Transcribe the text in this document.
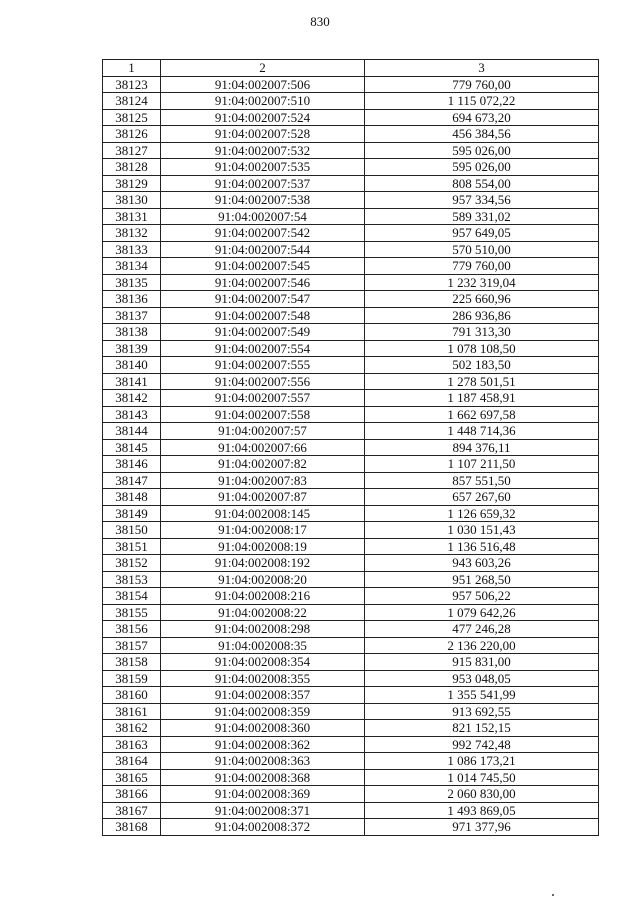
830
1	2	3
38123	91:04:002007:506	779 760,00
38124	91:04:002007:510	1 115 072,22
38125	91:04:002007:524	694 673,20
38126	91:04:002007:528	456 384,56
38127	91:04:002007:532	595 026,00
38128	91:04:002007:535	595 026,00
38129	91:04:002007:537	808 554,00
38130	91:04:002007:538	957 334,56
38131	91:04:002007:54	589 331,02
38132	91:04:002007:542	957 649,05
38133	91:04:002007:544	570 510,00
38134	91:04:002007:545	779 760,00
38135	91:04:002007:546	1 232 319,04
38136	91:04:002007:547	225 660,96
38137	91:04:002007:548	286 936,86
38138	91:04:002007:549	791 313,30
38139	91:04:002007:554	1 078 108,50
38140	91:04:002007:555	502 183,50
38141	91:04:002007:556	1 278 501,51
38142	91:04:002007:557	1 187 458,91
38143	91:04:002007:558	1 662 697,58
38144	91:04:002007:57	1 448 714,36
38145	91:04:002007:66	894 376,11
38146	91:04:002007:82	1 107 211,50
38147	91:04:002007:83	857 551,50
38148	91:04:002007:87	657 267,60
38149	91:04:002008:145	1 126 659,32
38150	91:04:002008:17	1 030 151,43
38151	91:04:002008:19	1 136 516,48
38152	91:04:002008:192	943 603,26
38153	91:04:002008:20	951 268,50
38154	91:04:002008:216	957 506,22
38155	91:04:002008:22	1 079 642,26
38156	91:04:002008:298	477 246,28
38157	91:04:002008:35	2 136 220,00
38158	91:04:002008:354	915 831,00
38159	91:04:002008:355	953 048,05
38160	91:04:002008:357	1 355 541,99
38161	91:04:002008:359	913 692,55
38162	91:04:002008:360	821 152,15
38163	91:04:002008:362	992 742,48
38164	91:04:002008:363	1 086 173,21
38165	91:04:002008:368	1 014 745,50
38166	91:04:002008:369	2 060 830,00
38167	91:04:002008:371	1 493 869,05
38168	91:04:002008:372	971 377,96
